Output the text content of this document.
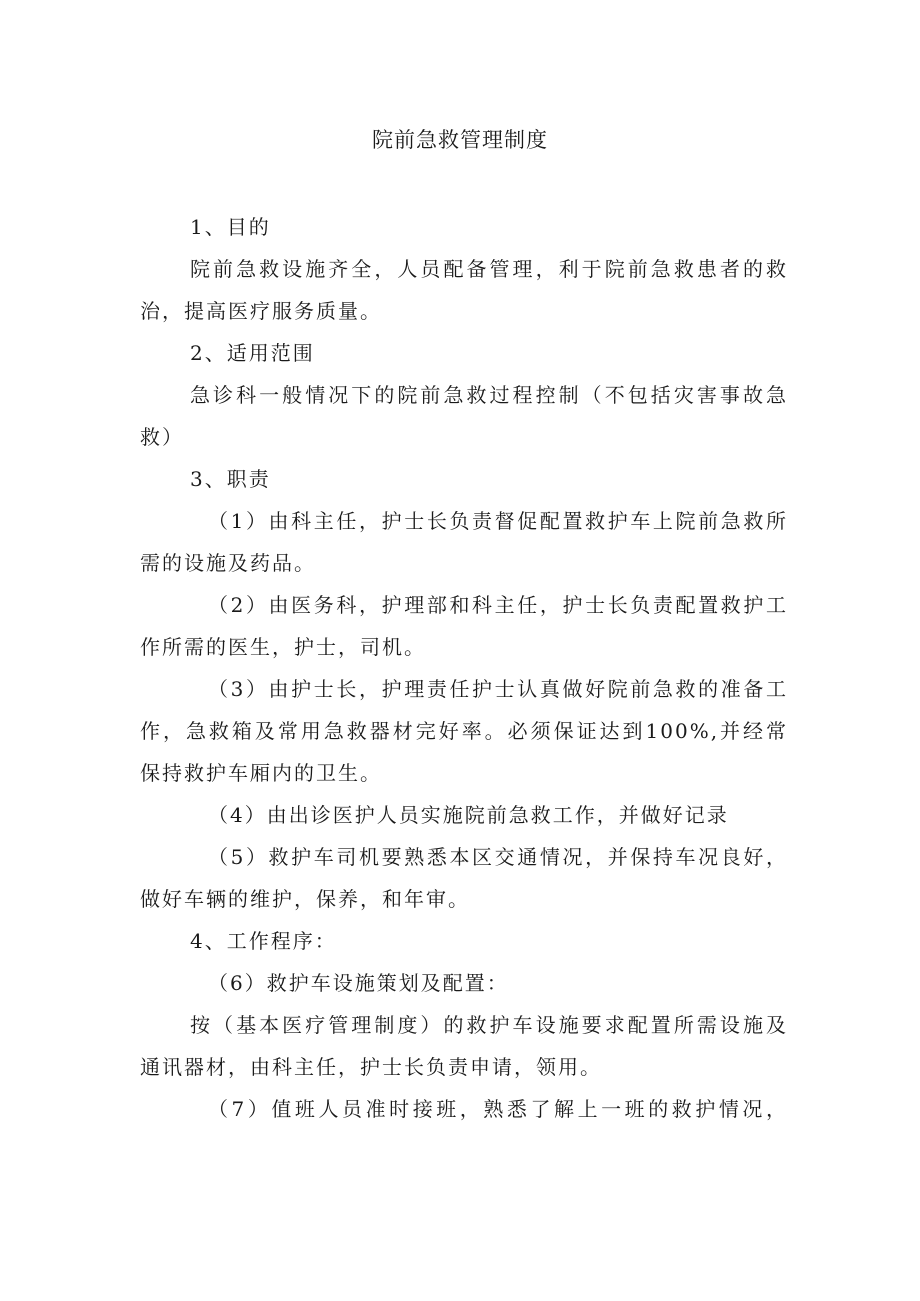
院前急救管理制度

1、目的

院前急救设施齐全，人员配备管理，利于院前急救患者的救

治，提高医疗服务质量。

2、适用范围

急诊科一般情况下的院前急救过程控制（不包括灾害事故急

救）

3、职责

（1）由科主任，护士长负责督促配置救护车上院前急救所

需的设施及药品。

（2）由医务科，护理部和科主任，护士长负责配置救护工

作所需的医生，护士，司机。

（3）由护士长，护理责任护士认真做好院前急救的准备工

作，急救箱及常用急救器材完好率。必须保证达到100%,并经常

保持救护车厢内的卫生。

（4）由出诊医护人员实施院前急救工作，并做好记录

（5）救护车司机要熟悉本区交通情况，并保持车况良好，

做好车辆的维护，保养，和年审。

4、工作程序：

（6）救护车设施策划及配置：

按（基本医疗管理制度）的救护车设施要求配置所需设施及

通讯器材，由科主任，护士长负责申请，领用。

（7）值班人员准时接班，熟悉了解上一班的救护情况，
